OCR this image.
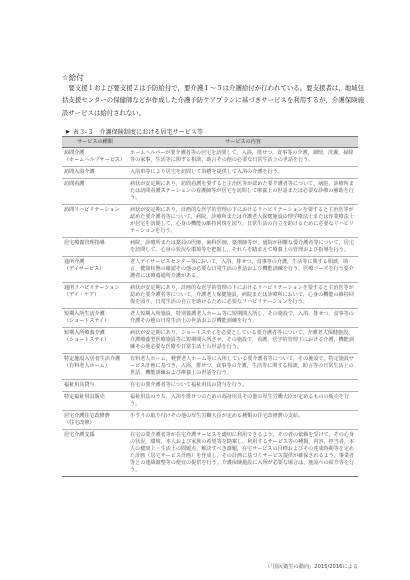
☆給付

要支援１および要支援２は予防給付で，要介護１〜５は介護給付が行われている。要支援者は，地域包括支援センターの保健師などが作成した介護予防ケアプランに基づきサービスを利用するが，介護保険施設サービスは給付されない。

▶ 表３-３　介護保険制度における居宅サービス等
サービスの種類	サービスの内容

訪問介護
（ホームヘルプサービス）	ホームヘルパーが要介護者等の居宅を訪問して，入浴，排せつ，食事等の介護，調理，洗濯，掃除等の家事，生活等に関する相談，助言その他の必要な日常生活上の世話を行う。

訪問入浴介護	入浴車等により居宅を訪問して浴槽を提供して入浴の介護を行う。

訪問看護	病状が安定期にあり，訪問看護を要すると主治医等が認めた要介護者等について，病院，診療所または訪問看護ステーションの看護師等が居宅を訪問して療養上の世話または必要な診療の補助を行う。

訪問リハビリテーション	病状が安定期にあり，計画的な医学的管理の下におけるリハビリテーションを要すると主治医等が認めた要介護者等について，病院，診療所または介護老人保健施設の理学療法士または作業療法士が居宅を訪問して，心身の機能の維持回復を図り，日常生活の自立を助けるために必要なリハビリテーションを行う。

居宅療養管理指導	病院，診療所または薬局の医師，歯科医師，薬剤師等が，通院が困難な要介護者等について，居宅を訪問して，心身の状況や環境等を把握し，それらを踏まえて療養上の管理および指導を行う。

通所介護
（デイサービス）	老人デイサービスセンター等において，入浴，排せつ，食事等の介護，生活等に関する相談，助言，健康状態の確認その他の必要な日常生活の世話および機能訓練を行う。医療ニーズを行う要介護者には療養通所介護がある。

通所リハビリテーション
（デイ・ケア）	病状が安定期にあり，計画的な医学的管理の下におけるリハビリテーションを要すると主治医等が認めた要介護者等について，介護老人保健施設，病院または診療所において，心身の機能の維持回復を図り，日常生活の自立を助けるために必要なリハビリテーションを行う。

短期入所生活介護
（ショートステイ）	老人短期入所施設，特別養護老人ホーム等に短期間入所し，その施設で，入浴，排せつ，食事等の介護その他の日常生活上の世話および機能訓練を行う。

短期入所療養介護
（ショートステイ）	病状が安定期にあり，ショートステイを必要としている要介護者等について，介護老人保健施設，介護療養型医療施設等に短期間入所させ，その施設で，看護，医学的管理下における介護，機能訓練その他必要な医療や日常生活上の世話を行う。

特定施設入居者生活介護
（有料老人ホーム）	有料老人ホーム，軽費老人ホーム等に入所している要介護者等について，その施設で，特定施設サービス計画に基づき，入浴，排せつ，食事等の介護，生活等に関する相談，助言等の日常生活上の世話，機能訓練および療養上の世話を行う。

福祉用具貸与	在宅の要介護者等について福祉用具の貸与を行う。

特定福祉用具販売	福祉用具のうち，入浴や排せつのための福祉用具その他の厚生労働大臣が定めるものの販売を行う。

居宅介護住宅改修費
（住宅改修）	手すりの取り付けその他の厚生労働大臣が定める種類の住宅改修費の支給。

居宅介護支援	在宅の要介護者等が在宅介護サービスを適切に利用できるよう，その者の依頼を受けて，その心身の状況，環境，本人および家族の希望等を勘案し，利用するサービス等の種類，内容，担当者，本人の健康上・生活上の問題点，解決すべき課題，在宅サービスの目標およびその達成時期等を定めた計画（居宅サービス計画）を作成し，その計画に基づくサービス提供が確保されるよう，事業者等との連絡調整等の便宜の提供を行う。介護保険施設に入所が必要な場合は，施設への紹介等を行う。
（「国民衛生の動向」2015/2016による
